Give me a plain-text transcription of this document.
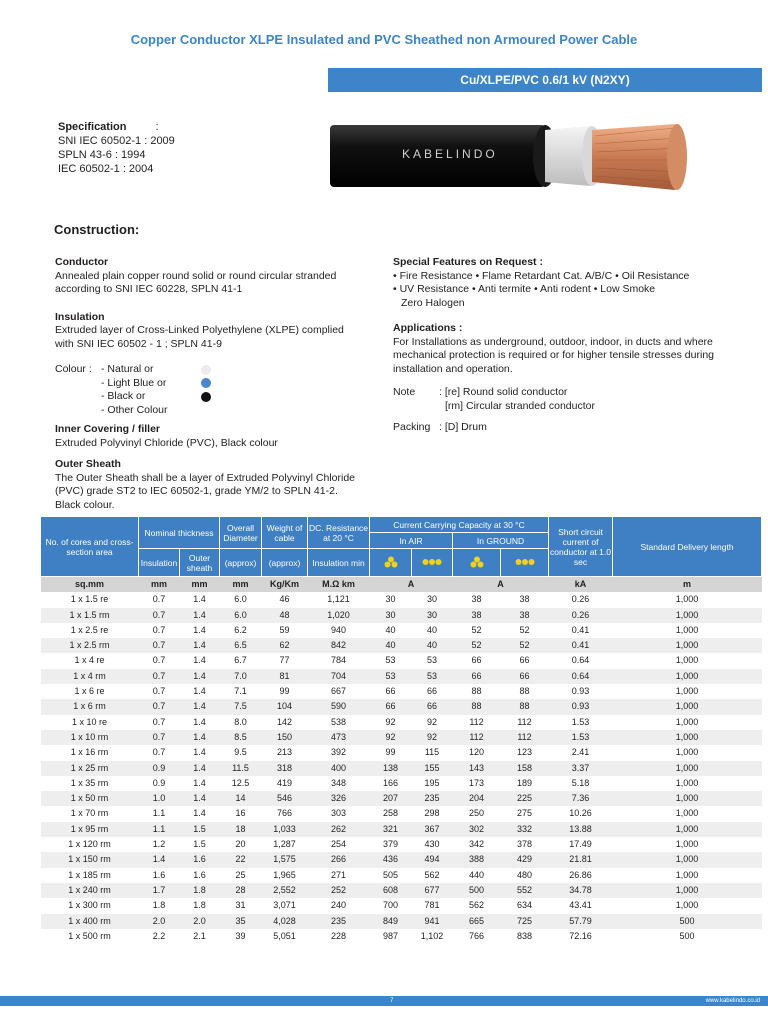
Copper Conductor XLPE Insulated and PVC Sheathed non Armoured Power Cable
Cu/XLPE/PVC 0.6/1 kV (N2XY)
Specification	:
SNI IEC 60502-1 : 2009
SPLN 43-6 : 1994
IEC 60502-1 : 2004
KABELINDO
Construction:
Conductor
Annealed plain copper round solid or round circular stranded according to SNI IEC 60228, SPLN 41-1
Insulation
Extruded layer of Cross-Linked Polyethylene (XLPE) complied with SNI IEC 60502 - 1 ; SPLN 41-9
Colour : - Natural or
- Light Blue or
- Black or
- Other Colour
Inner Covering / filler
Extruded Polyvinyl Chloride (PVC), Black colour
Outer Sheath
The Outer Sheath shall be a layer of Extruded Polyvinyl Chloride (PVC) grade ST2 to IEC 60502-1, grade YM/2 to SPLN 41-2. Black colour.
Special Features on Request :
• Fire Resistance • Flame Retardant Cat. A/B/C • Oil Resistance
• UV Resistance • Anti termite • Anti rodent • Low Smoke
Zero Halogen
Applications :
For Installations as underground, outdoor, indoor, in ducts and where mechanical protection is required or for higher tensile stresses during installation and operation.
Note	: [re] Round solid conductor
[rm] Circular stranded conductor
Packing : [D] Drum
No. of cores and cross-section area	Nominal thickness		Overall Diameter	Weight of cable	DC. Resistance at 20 °C	Current Carrying Capacity at 30 °C				Short circuit current of conductor at 1.0 sec	Standard Delivery length
						In AIR		In GROUND			
	Insulation	Outer sheath	(approx)	(approx)	Insulation min				
sq.mm	mm	mm	mm	Kg/Km	M.Ω km	A		A		kA	m
1 x 1.5 re	0.7	1.4	6.0	46	1,121	30	30	38	38	0.26	1,000
1 x 1.5 rm	0.7	1.4	6.0	48	1,020	30	30	38	38	0.26	1,000
1 x 2.5 re	0.7	1.4	6.2	59	940	40	40	52	52	0.41	1,000
1 x 2.5 rm	0.7	1.4	6.5	62	842	40	40	52	52	0.41	1,000
1 x 4 re	0.7	1.4	6.7	77	784	53	53	66	66	0.64	1,000
1 x 4 rm	0.7	1.4	7.0	81	704	53	53	66	66	0.64	1,000
1 x 6 re	0.7	1.4	7.1	99	667	66	66	88	88	0.93	1,000
1 x 6 rm	0.7	1.4	7.5	104	590	66	66	88	88	0.93	1,000
1 x 10 re	0.7	1.4	8.0	142	538	92	92	112	112	1.53	1,000
1 x 10 rm	0.7	1.4	8.5	150	473	92	92	112	112	1.53	1,000
1 x 16 rm	0.7	1.4	9.5	213	392	99	115	120	123	2.41	1,000
1 x 25 rm	0.9	1.4	11.5	318	400	138	155	143	158	3.37	1,000
1 x 35 rm	0.9	1.4	12.5	419	348	166	195	173	189	5.18	1,000
1 x 50 rm	1.0	1.4	14	546	326	207	235	204	225	7.36	1,000
1 x 70 rm	1.1	1.4	16	766	303	258	298	250	275	10.26	1,000
1 x 95 rm	1.1	1.5	18	1,033	262	321	367	302	332	13.88	1,000
1 x 120 rm	1.2	1.5	20	1,287	254	379	430	342	378	17.49	1,000
1 x 150 rm	1.4	1.6	22	1,575	266	436	494	388	429	21.81	1,000
1 x 185 rm	1.6	1.6	25	1,965	271	505	562	440	480	26.86	1,000
1 x 240 rm	1.7	1.8	28	2,552	252	608	677	500	552	34.78	1,000
1 x 300 rm	1.8	1.8	31	3,071	240	700	781	562	634	43.41	1,000
1 x 400 rm	2.0	2.0	35	4,028	235	849	941	665	725	57.79	500
1 x 500 rm	2.2	2.1	39	5,051	228	987	1,102	766	838	72.16	500
7	www.kabelindo.co.id
